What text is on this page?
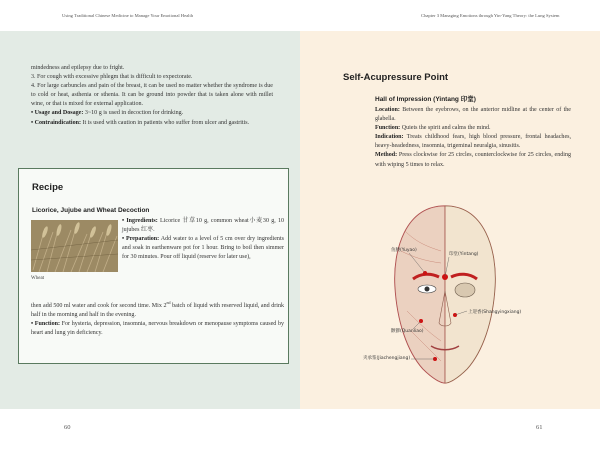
Using Traditional Chinese Medicine to Manage Your Emotional Health

mindedness and epilepsy due to fright.

3. For cough with excessive phlegm that is difficult to expectorate.

4. For large carbuncles and pain of the breast, it can be used no matter whether the syndrome is due to cold or heat, asthenia or sthenia. It can be ground into powder that is taken alone with millet wine, or that is mixed for external application.

• Usage and Dosage: 3~10 g is used in decoction for drinking.

• Contraindication: It is used with caution in patients who suffer from ulcer and gastritis.

Recipe
Licorice, Jujube and Wheat Decoction
Wheat

• Ingredients: Licorice 甘草10 g, common wheat小麦30 g, 10 jujubes 红枣.

• Preparation: Add water to a level of 5 cm over dry ingredients and soak in earthenware pot for 1 hour. Bring to boil then simmer for 30 minutes. Pour off liquid (reserve for later use),

then add 500 ml water and cook for second time. Mix 2nd batch of liquid with reserved liquid, and drink half in the morning and half in the evening.

• Function: For hysteria, depression, insomnia, nervous breakdown or menopause symptoms caused by heart and lung yin deficiency.

60
Chapter 3 Managing Emotions through Yin-Yang Theory: the Lung System
Self-Acupressure Point
Hall of Impression (Yintang 印堂)

Location: Between the eyebrows, on the anterior midline at the center of the glabella.

Function: Quiets the spirit and calms the mind.

Indication: Treats childhood fears, high blood pressure, frontal headaches, heavy-headedness, insomnia, trigeminal neuralgia, sinusitis.

Method: Press clockwise for 25 circles, counterclockwise for 25 circles, ending with wiping 5 times to relax.

鱼腰(Yuyao)
印堂(Yintang)
上迎香(Shangyingxiang)
颧髎(Quanliao)
夹承浆(Jiachengjiang)
61
